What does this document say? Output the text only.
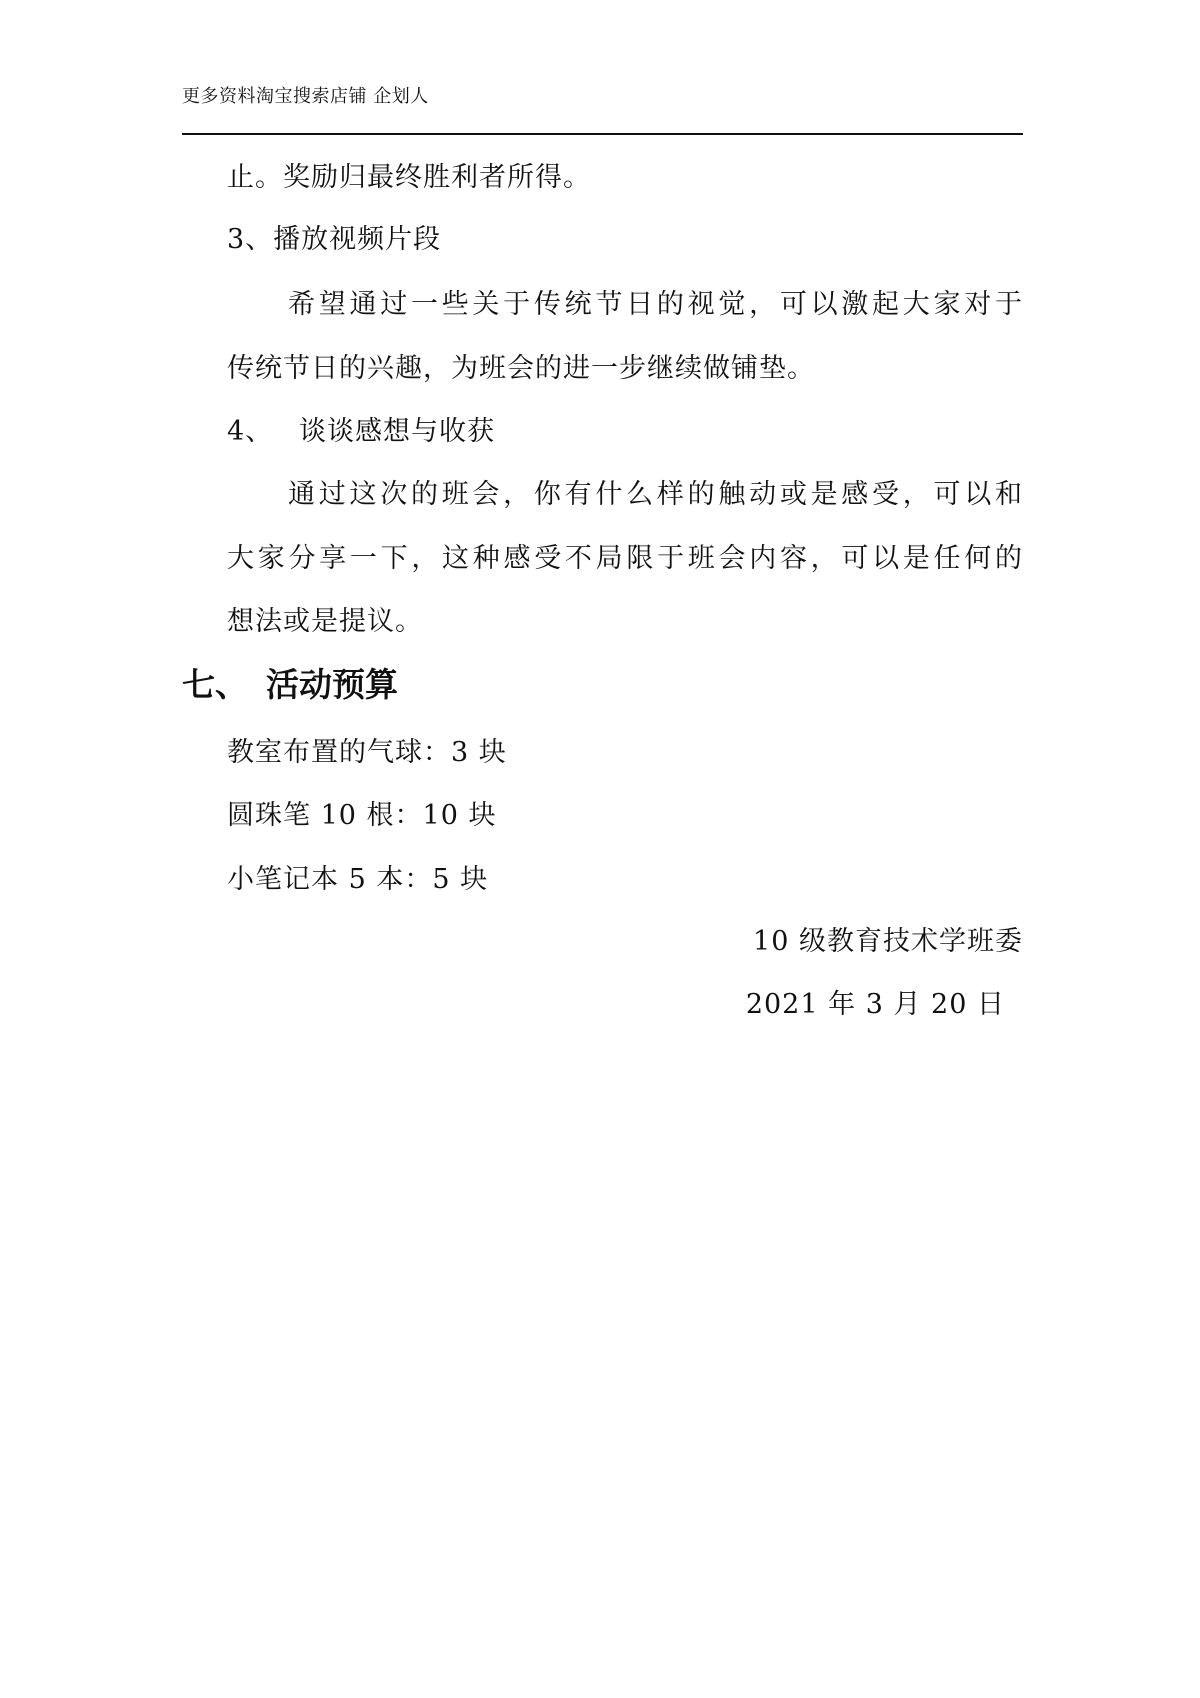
更多资料淘宝搜索店铺 企划人
止。奖励归最终胜利者所得。
3、播放视频片段
希望通过一些关于传统节日的视觉，可以激起大家对于
传统节日的兴趣，为班会的进一步继续做铺垫。
4、 谈谈感想与收获
通过这次的班会，你有什么样的触动或是感受，可以和
大家分享一下，这种感受不局限于班会内容，可以是任何的
想法或是提议。
七、 活动预算
教室布置的气球：3 块
圆珠笔 10 根：10 块
小笔记本 5 本：5 块
10 级教育技术学班委
2021 年 3 月 20 日
